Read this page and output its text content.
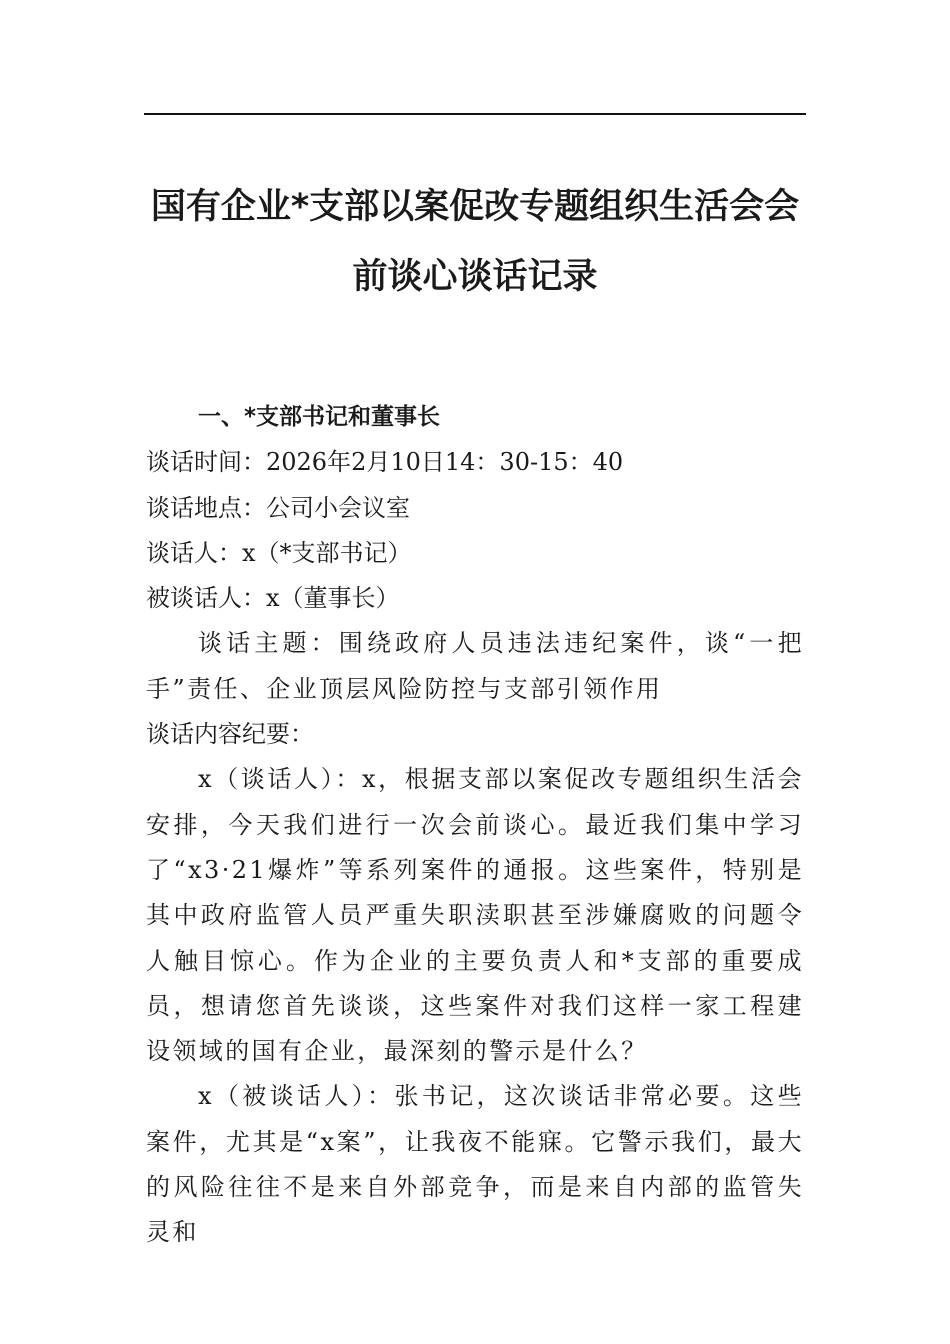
国有企业*支部以案促改专题组织生活会会
前谈心谈话记录

一、*支部书记和董事长

谈话时间：2026年2月10日14：30-15：40

谈话地点：公司小会议室

谈话人：x（*支部书记）

被谈话人：x（董事长）

谈话主题：围绕政府人员违法违纪案件，谈“一把手”责任、企业顶层风险防控与支部引领作用

谈话内容纪要：

x（谈话人）：x，根据支部以案促改专题组织生活会安排，今天我们进行一次会前谈心。最近我们集中学习了“x3·21爆炸”等系列案件的通报。这些案件，特别是其中政府监管人员严重失职渎职甚至涉嫌腐败的问题令人触目惊心。作为企业的主要负责人和*支部的重要成员，想请您首先谈谈，这些案件对我们这样一家工程建设领域的国有企业，最深刻的警示是什么？

x（被谈话人）：张书记，这次谈话非常必要。这些案件，尤其是“x案”，让我夜不能寐。它警示我们，最大的风险往往不是来自外部竞争，而是来自内部的监管失灵和
